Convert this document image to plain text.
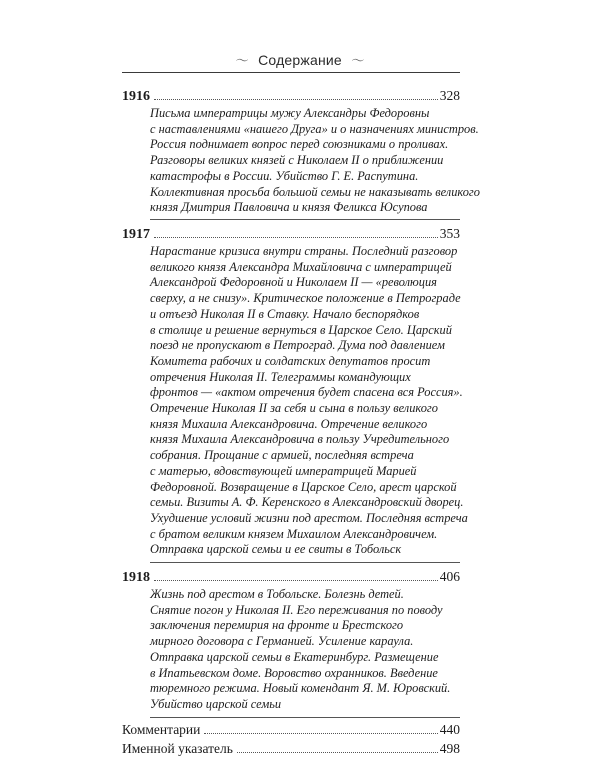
〜 Содержание 〜
1916	328
Письма императрицы мужу Александры Федоровны
с наставлениями «нашего Друга» и о назначениях министров.
Россия поднимает вопрос перед союзниками о проливах.
Разговоры великих князей с Николаем II о приближении
катастрофы в России. Убийство Г. Е. Распутина.
Коллективная просьба большой семьи не наказывать великого
князя Дмитрия Павловича и князя Феликса Юсупова
1917	353
Нарастание кризиса внутри страны. Последний разговор
великого князя Александра Михайловича с императрицей
Александрой Федоровной и Николаем II — «революция
сверху, а не снизу». Критическое положение в Петрограде
и отъезд Николая II в Ставку. Начало беспорядков
в столице и решение вернуться в Царское Село. Царский
поезд не пропускают в Петроград. Дума под давлением
Комитета рабочих и солдатских депутатов просит
отречения Николая II. Телеграммы командующих
фронтов — «актом отречения будет спасена вся Россия».
Отречение Николая II за себя и сына в пользу великого
князя Михаила Александровича. Отречение великого
князя Михаила Александровича в пользу Учредительного
собрания. Прощание с армией, последняя встреча
с матерью, вдовствующей императрицей Марией
Федоровной. Возвращение в Царское Село, арест царской
семьи. Визиты А. Ф. Керенского в Александровский дворец.
Ухудшение условий жизни под арестом. Последняя встреча
с братом великим князем Михаилом Александровичем.
Отправка царской семьи и ее свиты в Тобольск
1918	406
Жизнь под арестом в Тобольске. Болезнь детей.
Снятие погон у Николая II. Его переживания по поводу
заключения перемирия на фронте и Брестского
мирного договора с Германией. Усиление караула.
Отправка царской семьи в Екатеринбург. Размещение
в Ипатьевском доме. Воровство охранников. Введение
тюремного режима. Новый комендант Я. М. Юровский.
Убийство царской семьи
Комментарии	440
Именной указатель	498
